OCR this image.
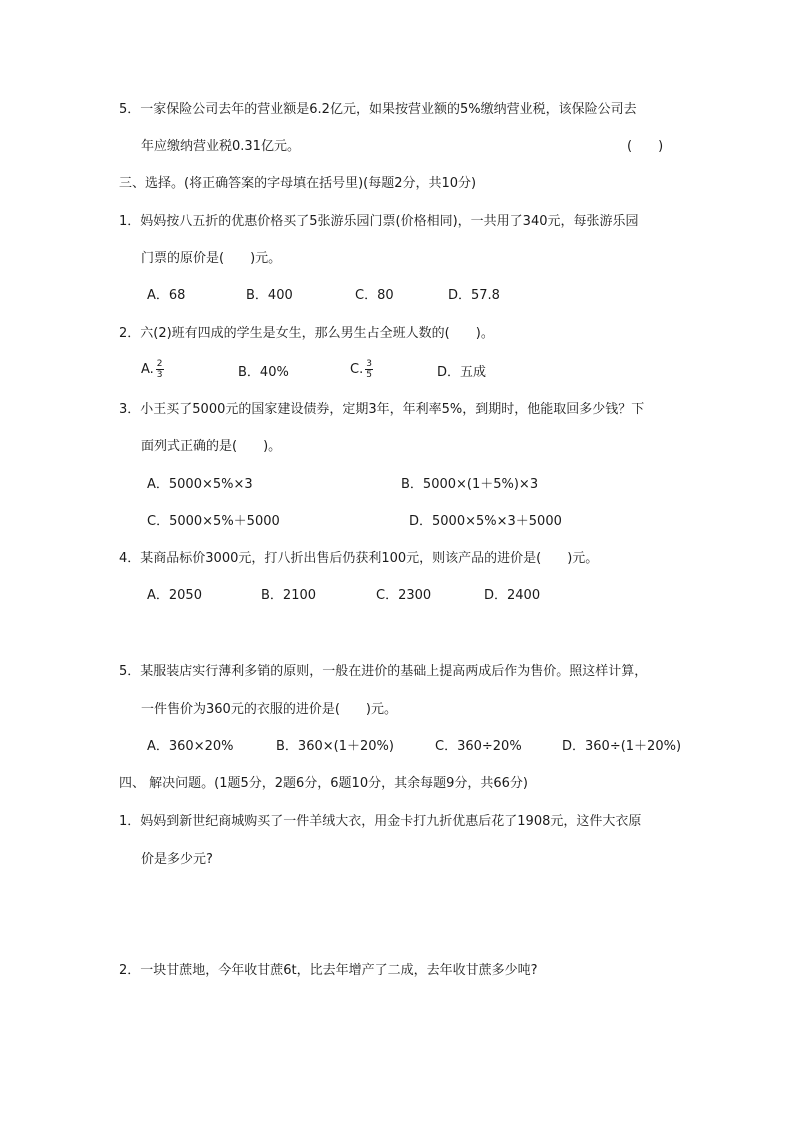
5．一家保险公司去年的营业额是6.2亿元，如果按营业额的5%缴纳营业税，该保险公司去
年应缴纳营业税0.31亿元。	(　　)
三、选择。(将正确答案的字母填在括号里)(每题2分，共10分)
1．妈妈按八五折的优惠价格买了5张游乐园门票(价格相同)，一共用了340元，每张游乐园
门票的原价是(　　)元。
A．68	B．400	C．80	D．57.8
2．六(2)班有四成的学生是女生，那么男生占全班人数的(　　)。
A. $\frac{2}{3}$	B．40%	C. $\frac{3}{5}$	D．五成
3．小王买了5000元的国家建设债券，定期3年，年利率5%，到期时，他能取回多少钱？下
面列式正确的是(　　)。
A．5000×5%×3	B．5000×(1＋5%)×3
C．5000×5%＋5000	D．5000×5%×3＋5000
4．某商品标价3000元，打八折出售后仍获利100元，则该产品的进价是(　　)元。
A．2050	B．2100	C．2300	D．2400
5．某服装店实行薄利多销的原则，一般在进价的基础上提高两成后作为售价。照这样计算，
一件售价为360元的衣服的进价是(　　)元。
A．360×20%	B．360×(1＋20%)	C．360÷20%	D．360÷(1＋20%)
四、 解决问题。(1题5分，2题6分，6题10分，其余每题9分，共66分)
1．妈妈到新世纪商城购买了一件羊绒大衣，用金卡打九折优惠后花了1908元，这件大衣原
价是多少元?
2．一块甘蔗地，今年收甘蔗6t，比去年增产了二成，去年收甘蔗多少吨?
